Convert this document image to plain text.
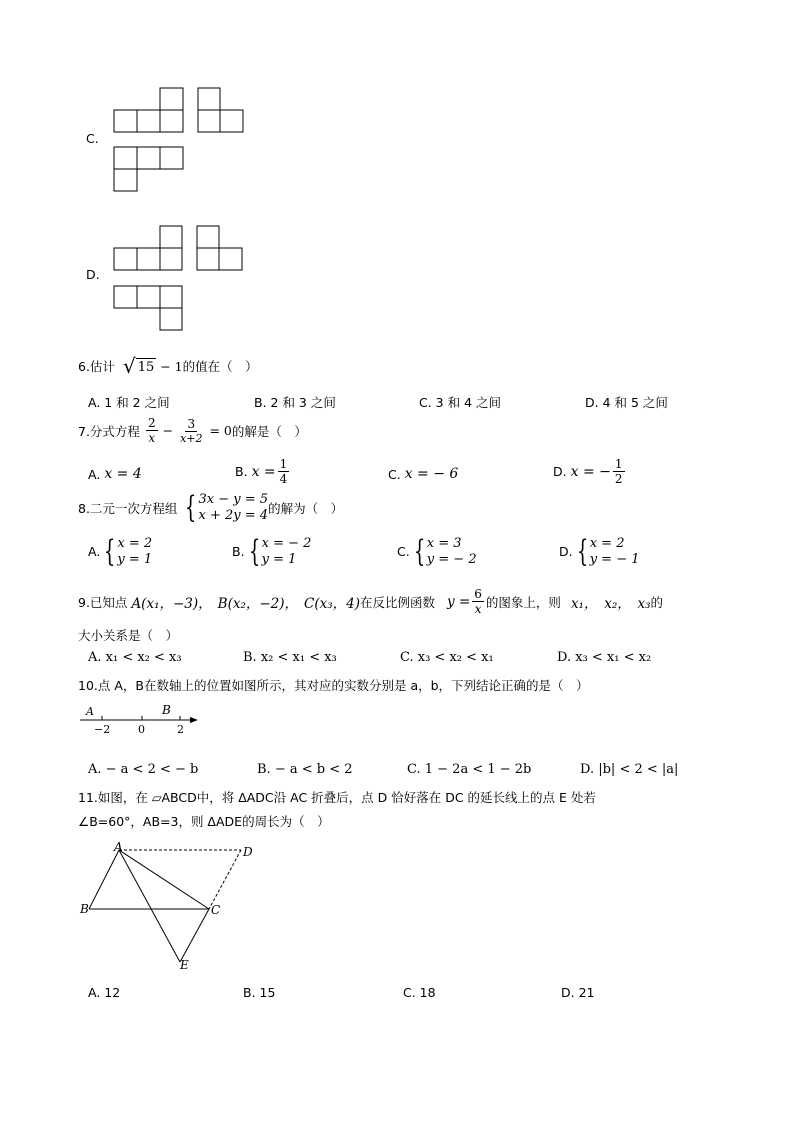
C.
D.
6.估计 √ 15 − 1 的值在（　）
A. 1 和 2 之间	B. 2 和 3 之间	C. 3 和 4 之间	D. 4 和 5 之间
7.分式方程 $\frac{2}{x} - \frac{3}{x+2} = 0$ 的解是（　）
A. x = 4	B. $x = \frac{1}{4}$	C. x = − 6	D. x = − $\frac{1}{2}$
8.二元一次方程组 { 3x − y = 5
x + 2y = 4 的解为（　）
A. { x = 2
y = 1	B. { x = − 2
y = 1	C. { x = 3
y = − 2	D. { x = 2
y = − 1
9.已知点 A(x₁，−3)， B(x₂，−2)， C(x₃，4) 在反比例函数 $y = \frac{6}{x}$ 的图象上，则 x₁，　x₂，　x₃ 的
大小关系是（　）
A. x₁ < x₂ < x₃	B. x₂ < x₁ < x₃	C. x₃ < x₂ < x₁	D. x₃ < x₁ < x₂
10.点 A，B在数轴上的位置如图所示，其对应的实数分别是 a，b，下列结论正确的是（　）
A	B
−2	0	2
A. − a < 2 < − b	B. − a < b < 2	C. 1 − 2a < 1 − 2b	D. |b| < 2 < |a|
11.如图，在 ▱ABCD中，将 ΔADC沿 AC 折叠后，点 D 恰好落在 DC 的延长线上的点 E 处若
∠B=60°，AB=3，则 ΔADE的周长为（　）
A
B	C
D
E
A. 12	B. 15	C. 18	D. 21
